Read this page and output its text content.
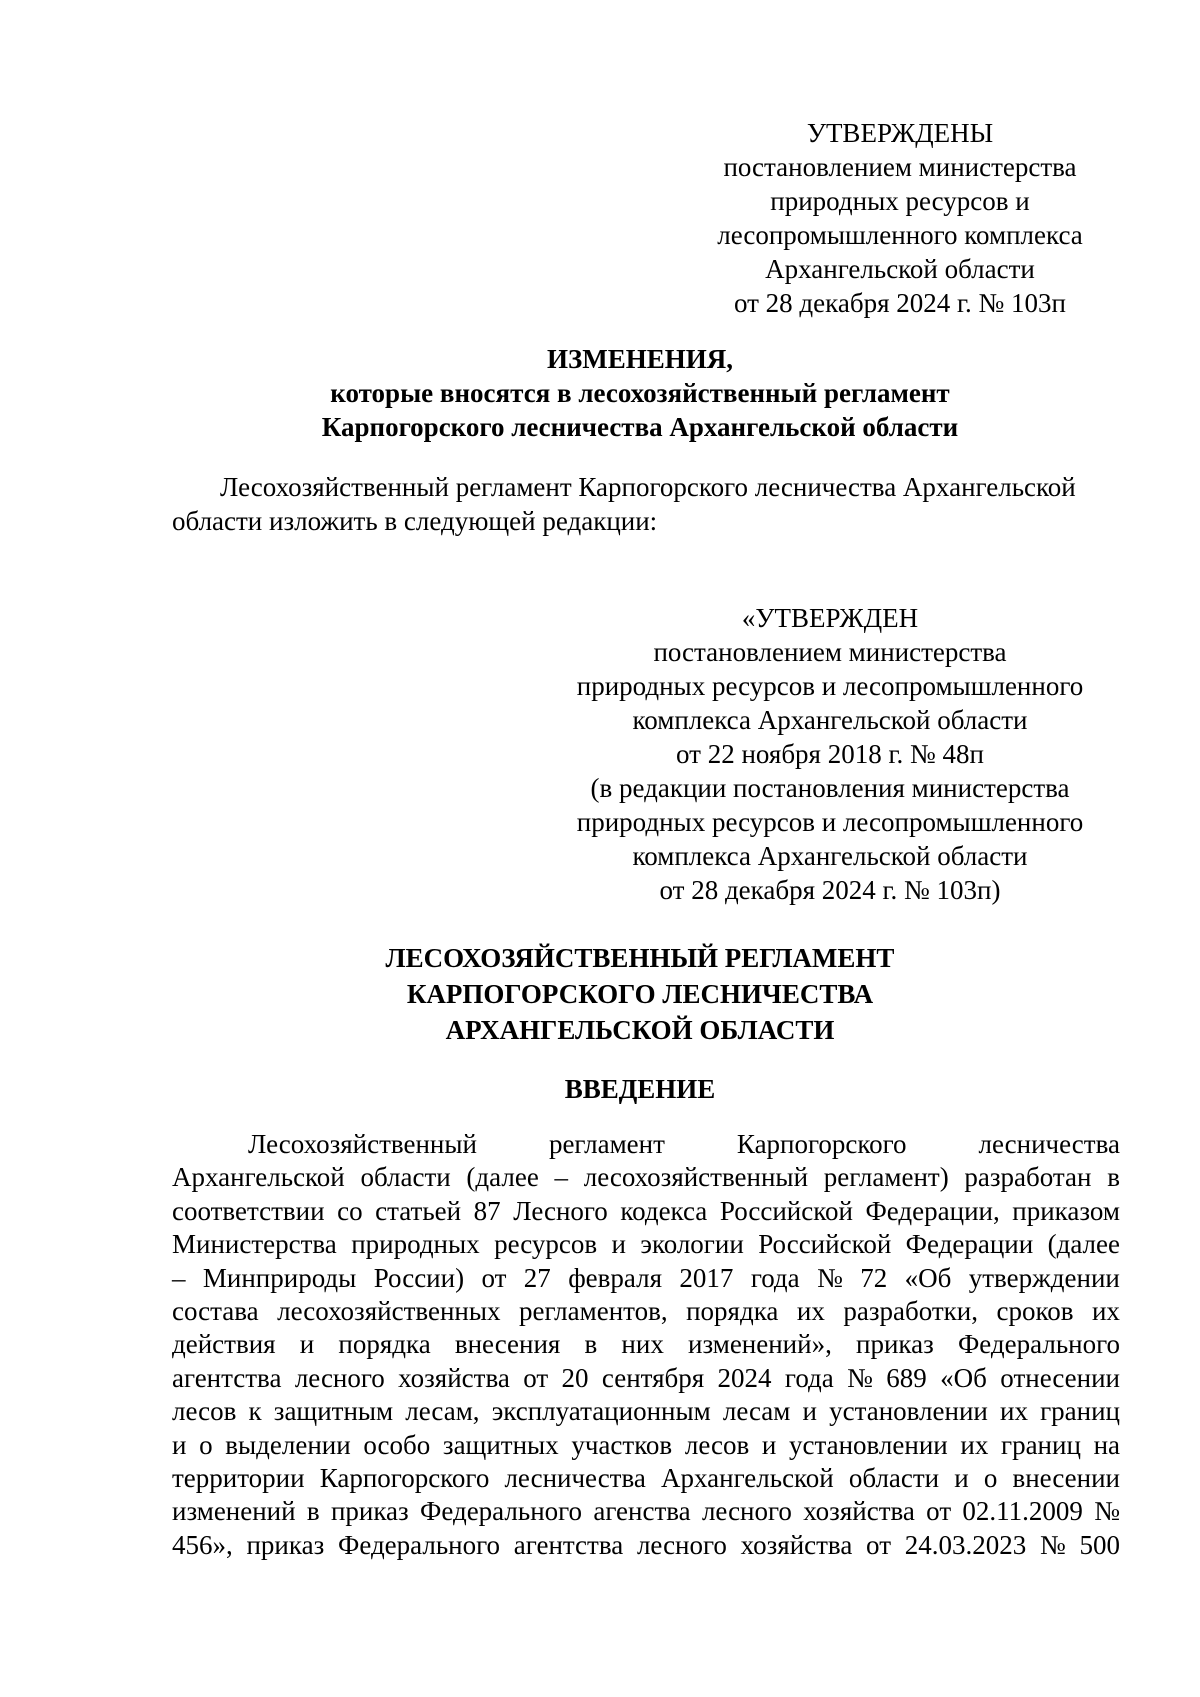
УТВЕРЖДЕНЫ
постановлением министерства
природных ресурсов и
лесопромышленного комплекса
Архангельской области
от 28 декабря 2024 г. № 103п
ИЗМЕНЕНИЯ,
которые вносятся в лесохозяйственный регламент
Карпогорского лесничества Архангельской области
Лесохозяйственный регламент Карпогорского лесничества Архангельской
области изложить в следующей редакции:
«УТВЕРЖДЕН
постановлением министерства
природных ресурсов и лесопромышленного
комплекса Архангельской области
от 22 ноября 2018 г. № 48п
(в редакции постановления министерства
природных ресурсов и лесопромышленного
комплекса Архангельской области
от 28 декабря 2024 г. № 103п)
ЛЕСОХОЗЯЙСТВЕННЫЙ РЕГЛАМЕНТ
КАРПОГОРСКОГО ЛЕСНИЧЕСТВА
АРХАНГЕЛЬСКОЙ ОБЛАСТИ
ВВЕДЕНИЕ
Лесохозяйственный	регламент	Карпогорского	лесничества
Архангельской области (далее – лесохозяйственный регламент) разработан в
соответствии со статьей 87 Лесного кодекса Российской Федерации, приказом
Министерства природных ресурсов и экологии Российской Федерации (далее
– Минприроды России) от 27 февраля 2017 года № 72 «Об утверждении
состава лесохозяйственных регламентов, порядка их разработки, сроков их
действия и порядка внесения в них изменений», приказ Федерального
агентства лесного хозяйства от 20 сентября 2024 года № 689 «Об отнесении
лесов к защитным лесам, эксплуатационным лесам и установлении их границ
и о выделении особо защитных участков лесов и установлении их границ на
территории Карпогорского лесничества Архангельской области и о внесении
изменений в приказ Федерального агенства лесного хозяйства от 02.11.2009 №
456», приказ Федерального агентства лесного хозяйства от 24.03.2023 № 500
